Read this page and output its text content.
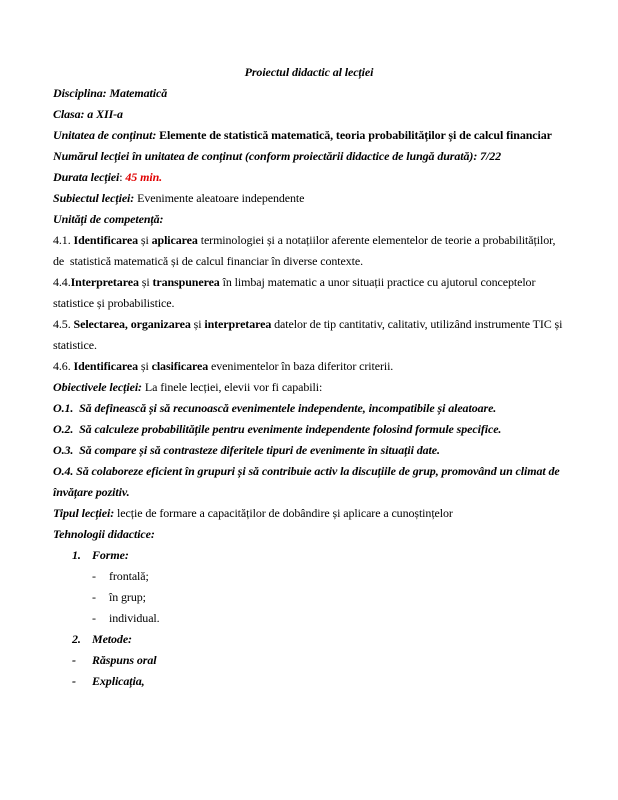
Proiectul didactic al lecției

Disciplina: Matematică

Clasa: a XII-a

Unitatea de conținut: Elemente de statistică matematică, teoria probabilităților și de calcul financiar

Numărul lecției în unitatea de conținut (conform proiectării didactice de lungă durată): 7/22

Durata lecției: 45 min.

Subiectul lecției: Evenimente aleatoare independente

Unități de competență:

4.1. Identificarea și aplicarea terminologiei și a notațiilor aferente elementelor de teorie a probabilităților, de  statistică matematică și de calcul financiar în diverse contexte.

4.4.Interpretarea și transpunerea în limbaj matematic a unor situații practice cu ajutorul conceptelor statistice și probabilistice.

4.5. Selectarea, organizarea și interpretarea datelor de tip cantitativ, calitativ, utilizând instrumente TIC și statistice.

4.6. Identificarea și clasificarea evenimentelor în baza diferitor criterii.

Obiectivele lecției: La finele lecției, elevii vor fi capabili:

O.1.  Să definească și să recunoască evenimentele independente, incompatibile și aleatoare.

O.2.  Să calculeze probabilitățile pentru evenimente independente folosind formule specifice.

O.3.  Să compare și să contrasteze diferitele tipuri de evenimente în situații date.

O.4. Să colaboreze eficient în grupuri și să contribuie activ la discuțiile de grup, promovând un climat de învățare pozitiv.

Tipul lecției: lecție de formare a capacităților de dobândire și aplicare a cunoștințelor

Tehnologii didactice:

1. Forme:

- frontală;

- în grup;

- individual.

2. Metode:

- Răspuns oral

- Explicația,
